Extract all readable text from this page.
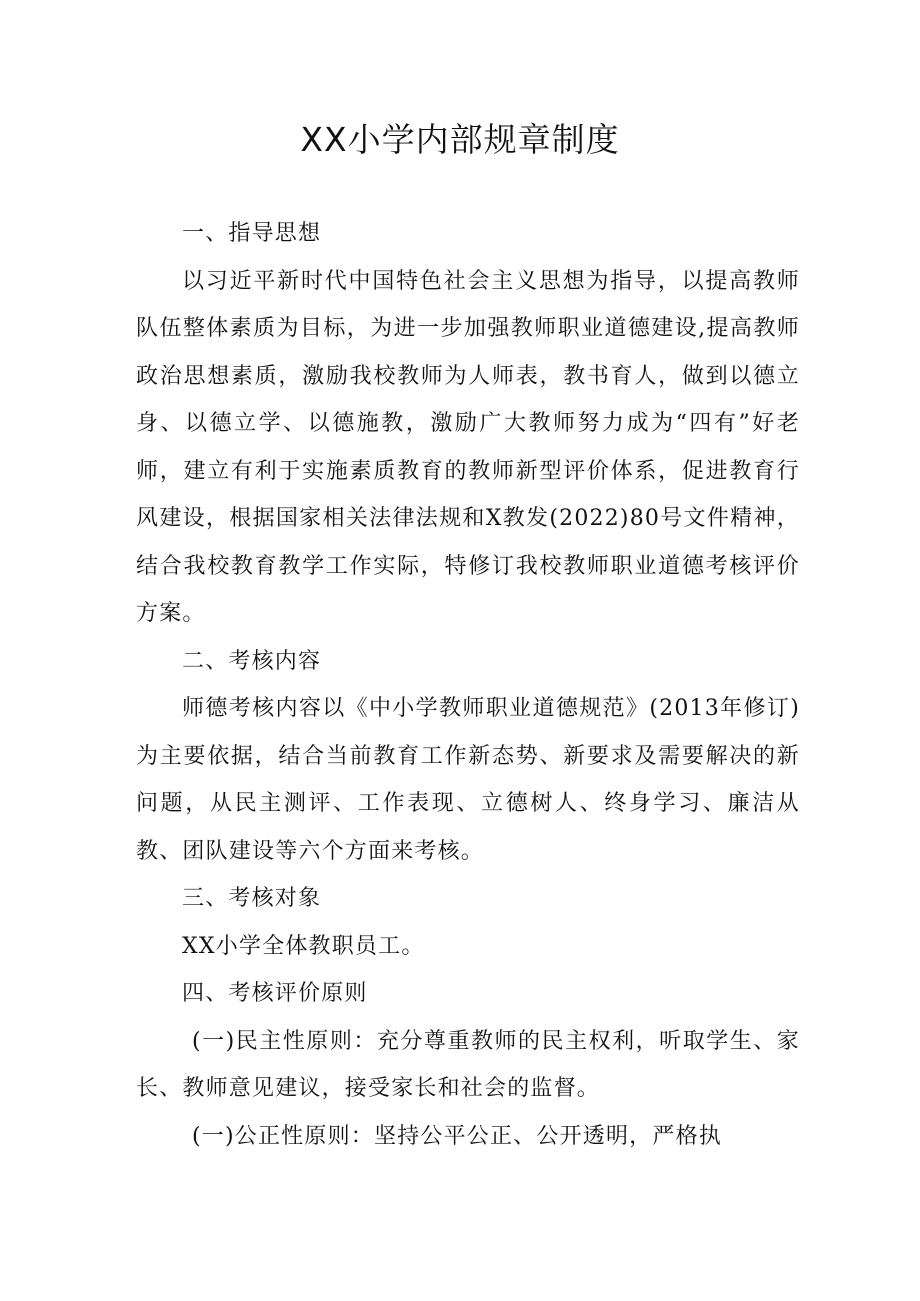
XX小学内部规章制度

一、指导思想

以习近平新时代中国特色社会主义思想为指导，以提高教师队伍整体素质为目标，为进一步加强教师职业道德建设,提高教师政治思想素质，激励我校教师为人师表，教书育人，做到以德立身、以德立学、以德施教，激励广大教师努力成为“四有”好老师，建立有利于实施素质教育的教师新型评价体系，促进教育行风建设，根据国家相关法律法规和X教发(2022)80号文件精神，结合我校教育教学工作实际，特修订我校教师职业道德考核评价方案。

二、考核内容

师德考核内容以《中小学教师职业道德规范》(2013年修订)为主要依据，结合当前教育工作新态势、新要求及需要解决的新问题，从民主测评、工作表现、立德树人、终身学习、廉洁从教、团队建设等六个方面来考核。

三、考核对象

XX小学全体教职员工。

四、考核评价原则

(一)民主性原则：充分尊重教师的民主权利，听取学生、家长、教师意见建议，接受家长和社会的监督。

(一)公正性原则：坚持公平公正、公开透明，严格执
